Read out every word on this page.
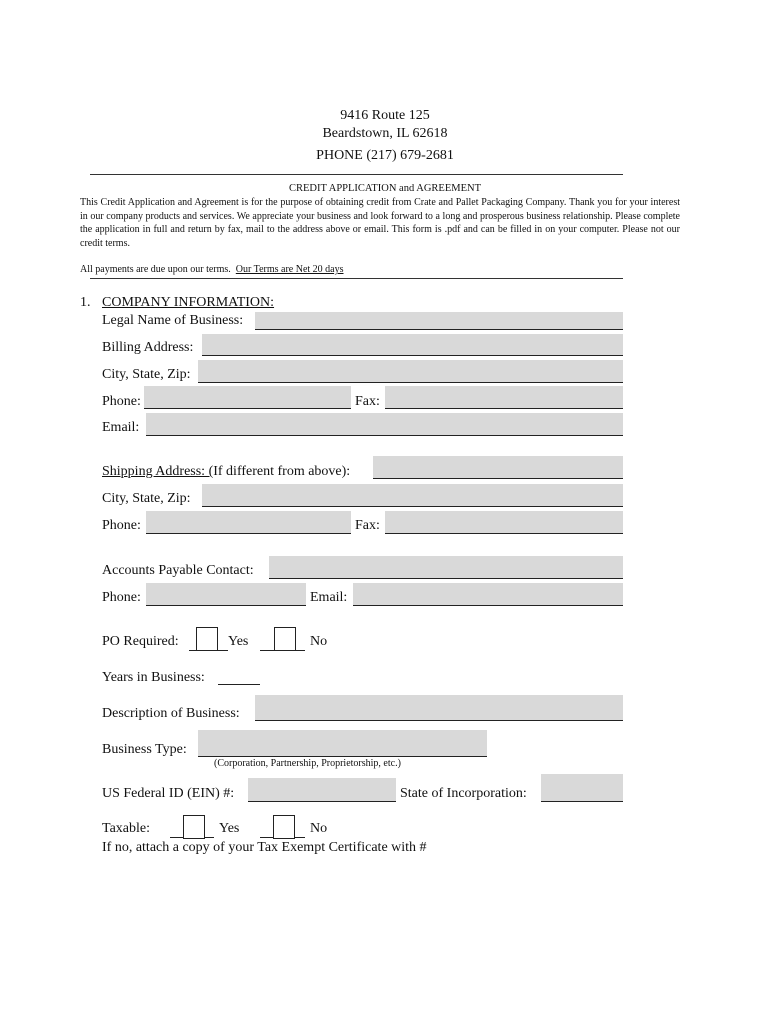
9416 Route 125
Beardstown, IL 62618
PHONE (217) 679-2681
CREDIT APPLICATION and AGREEMENT
This Credit Application and Agreement is for the purpose of obtaining credit from Crate and Pallet Packaging Company. Thank you for your interest in our company products and services. We appreciate your business and look forward to a long and prosperous business relationship. Please complete the application in full and return by fax, mail to the address above or email. This form is .pdf and can be filled in on your computer. Please not our credit terms.
All payments are due upon our terms. Our Terms are Net 20 days
1. COMPANY INFORMATION:
Legal Name of Business:
Billing Address:
City, State, Zip:
Phone:	Fax:
Email:
Shipping Address: (If different from above):
City, State, Zip:
Phone:	Fax:
Accounts Payable Contact:
Phone:	Email:
PO Required:	Yes	No
Years in Business:
Description of Business:
Business Type:
(Corporation, Partnership, Proprietorship, etc.)
US Federal ID (EIN) #:	State of Incorporation:
Taxable:	Yes	No
If no, attach a copy of your Tax Exempt Certificate with #
